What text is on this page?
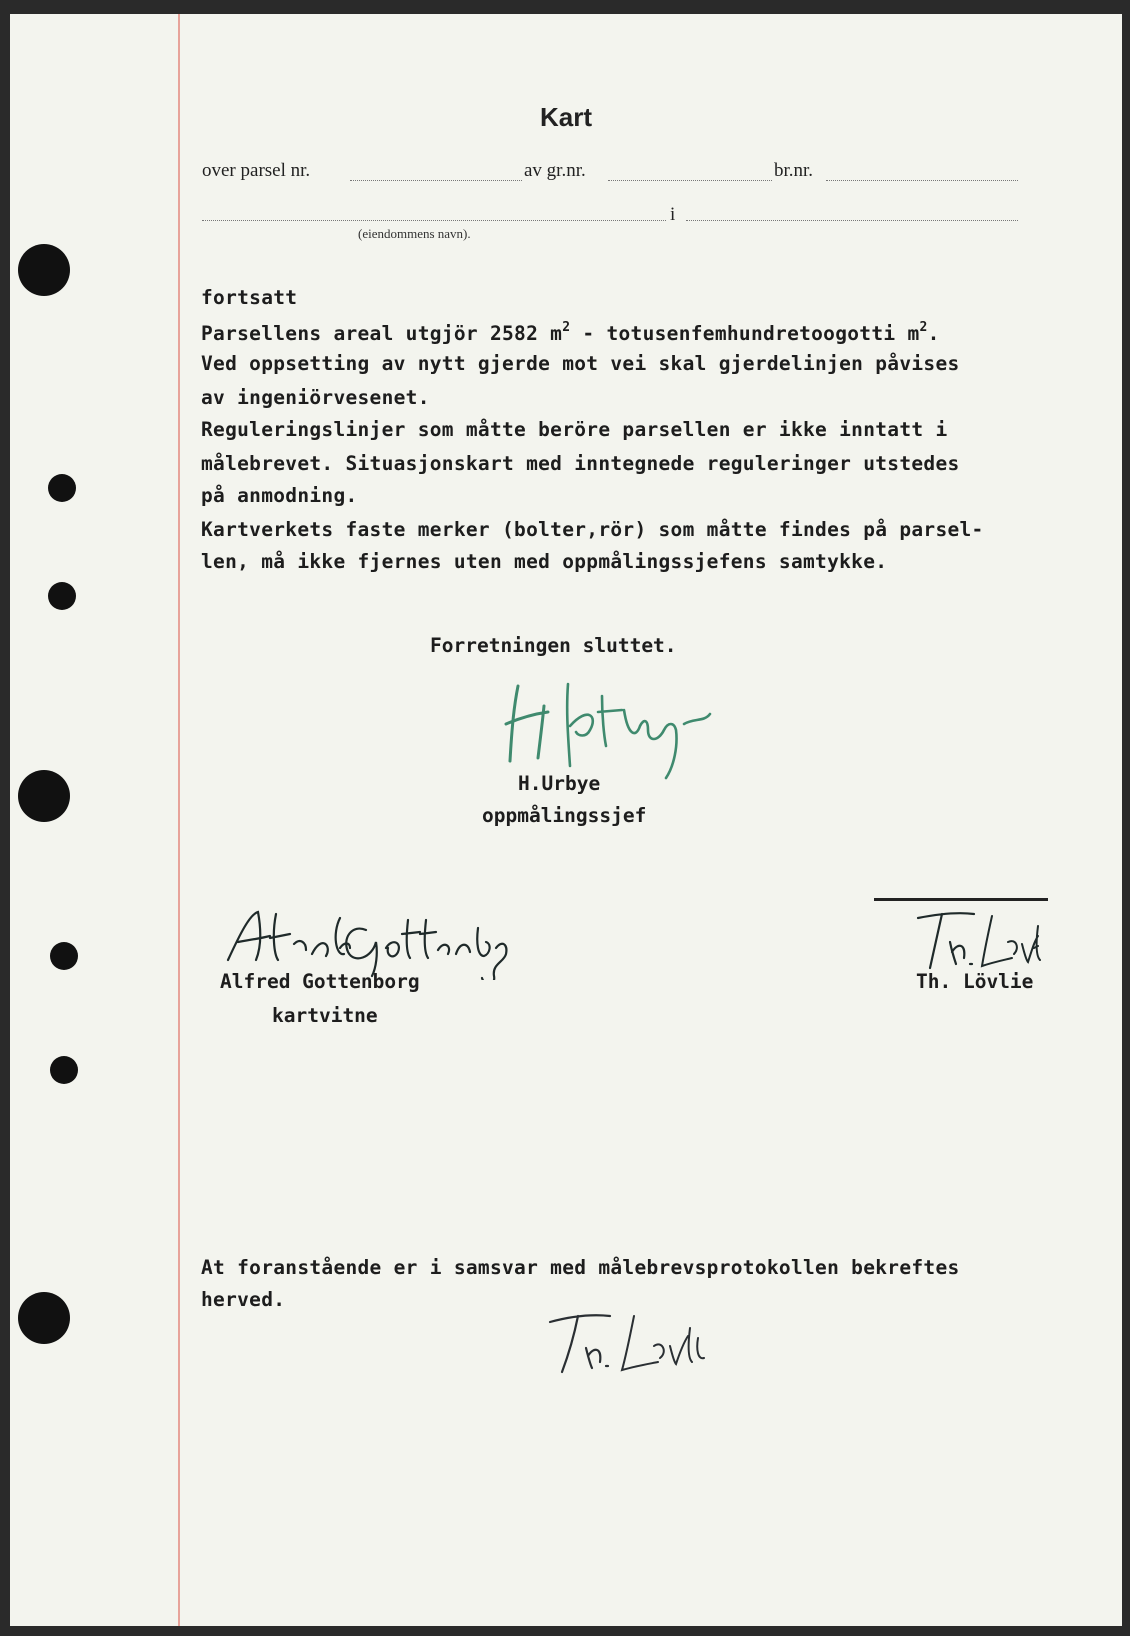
Kart
over parsel nr.	av gr.nr.	br.nr.
i
(eiendommens navn).
fortsatt
Parsellens areal utgjör 2582 $m^2$ - totusenfemhundretoogotti $m^2$.
Ved oppsetting av nytt gjerde mot vei skal gjerdelinjen påvises
av ingeniörvesenet.
Reguleringslinjer som måtte beröre parsellen er ikke inntatt i
målebrevet. Situasjonskart med inntegnede reguleringer utstedes
på anmodning.
Kartverkets faste merker (bolter,rör) som måtte findes på parsel-
len, må ikke fjernes uten med oppmålingssjefens samtykke.
Forretningen sluttet.
H.Urbye
oppmålingssjef
Alfred Gottenborg
kartvitne
Th. Lövlie
At foranstående er i samsvar med målebrevsprotokollen bekreftes
herved.
